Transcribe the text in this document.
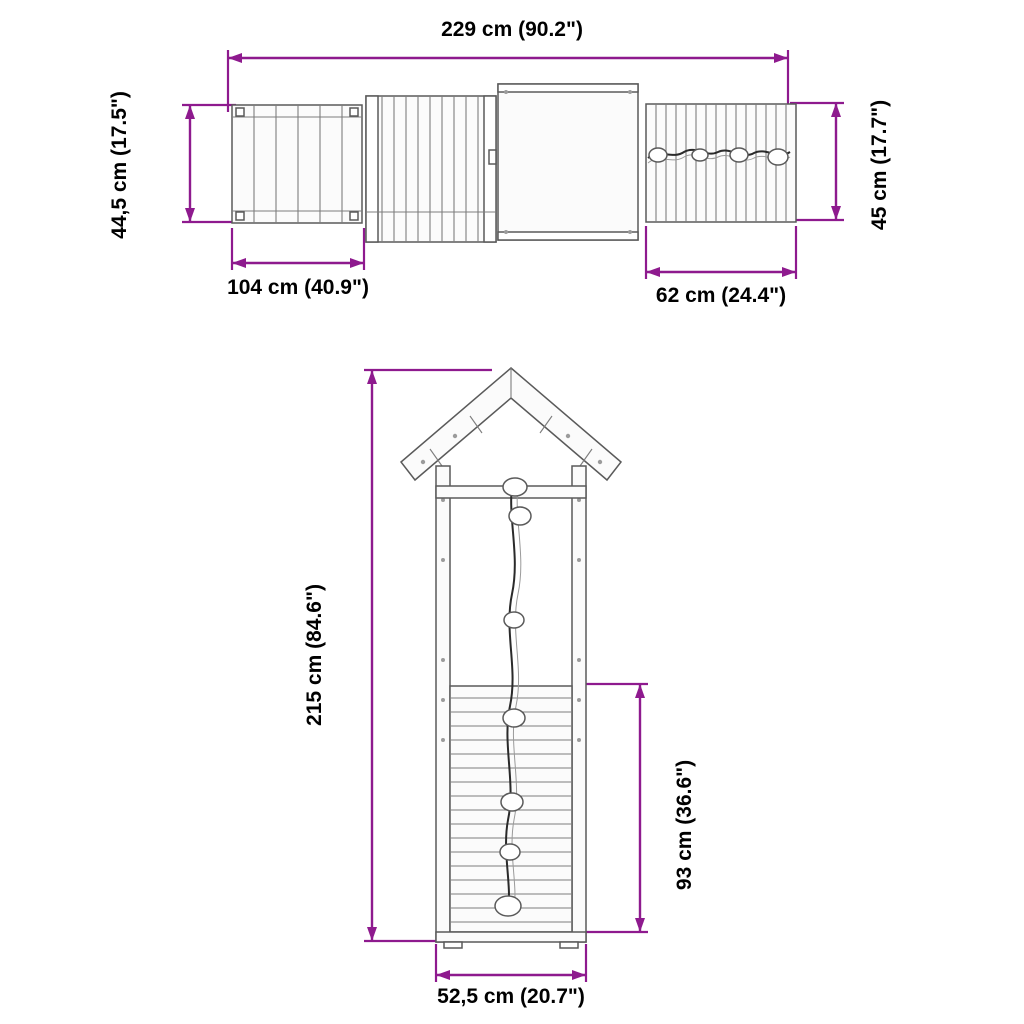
229 cm (90.2")
44,5 cm (17.5")	45 cm (17.7")
104 cm (40.9")	62 cm (24.4")
215 cm (84.6")
93 cm (36.6")
52,5 cm (20.7")
